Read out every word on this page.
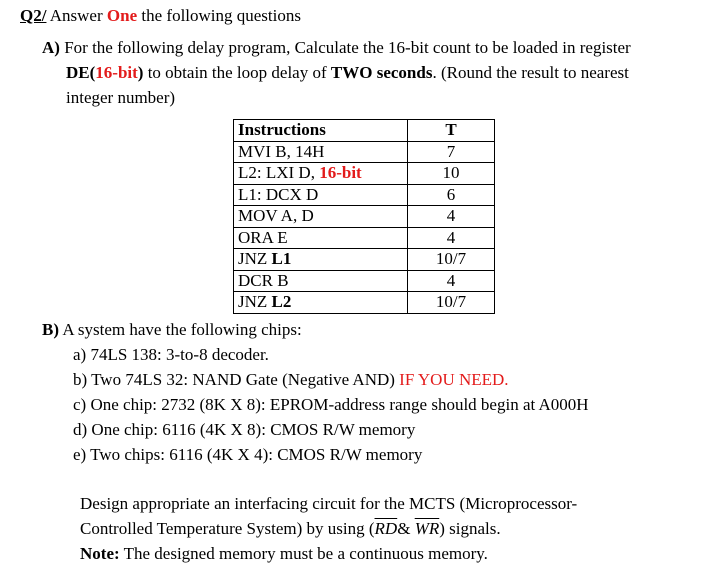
Q2/ Answer One the following questions
A) For the following delay program, Calculate the 16-bit count to be loaded in register
DE(16-bit) to obtain the loop delay of TWO seconds. (Round the result to nearest
integer number)
Instructions	T
MVI B, 14H	7
L2: LXI D, 16-bit	10
L1: DCX D	6
MOV A, D	4
ORA E	4
JNZ L1	10/7
DCR B	4
JNZ L2	10/7
B) A system have the following chips:
a) 74LS 138: 3-to-8 decoder.
b) Two 74LS 32: NAND Gate (Negative AND) IF YOU NEED.
c) One chip: 2732 (8K X 8): EPROM-address range should begin at A000H
d) One chip: 6116 (4K X 8): CMOS R/W memory
e) Two chips: 6116 (4K X 4): CMOS R/W memory
Design appropriate an interfacing circuit for the MCTS (Microprocessor-
Controlled Temperature System) by using ($\overline{RD}\&$ $\overline{WR}$) signals.
Note: The designed memory must be a continuous memory.
